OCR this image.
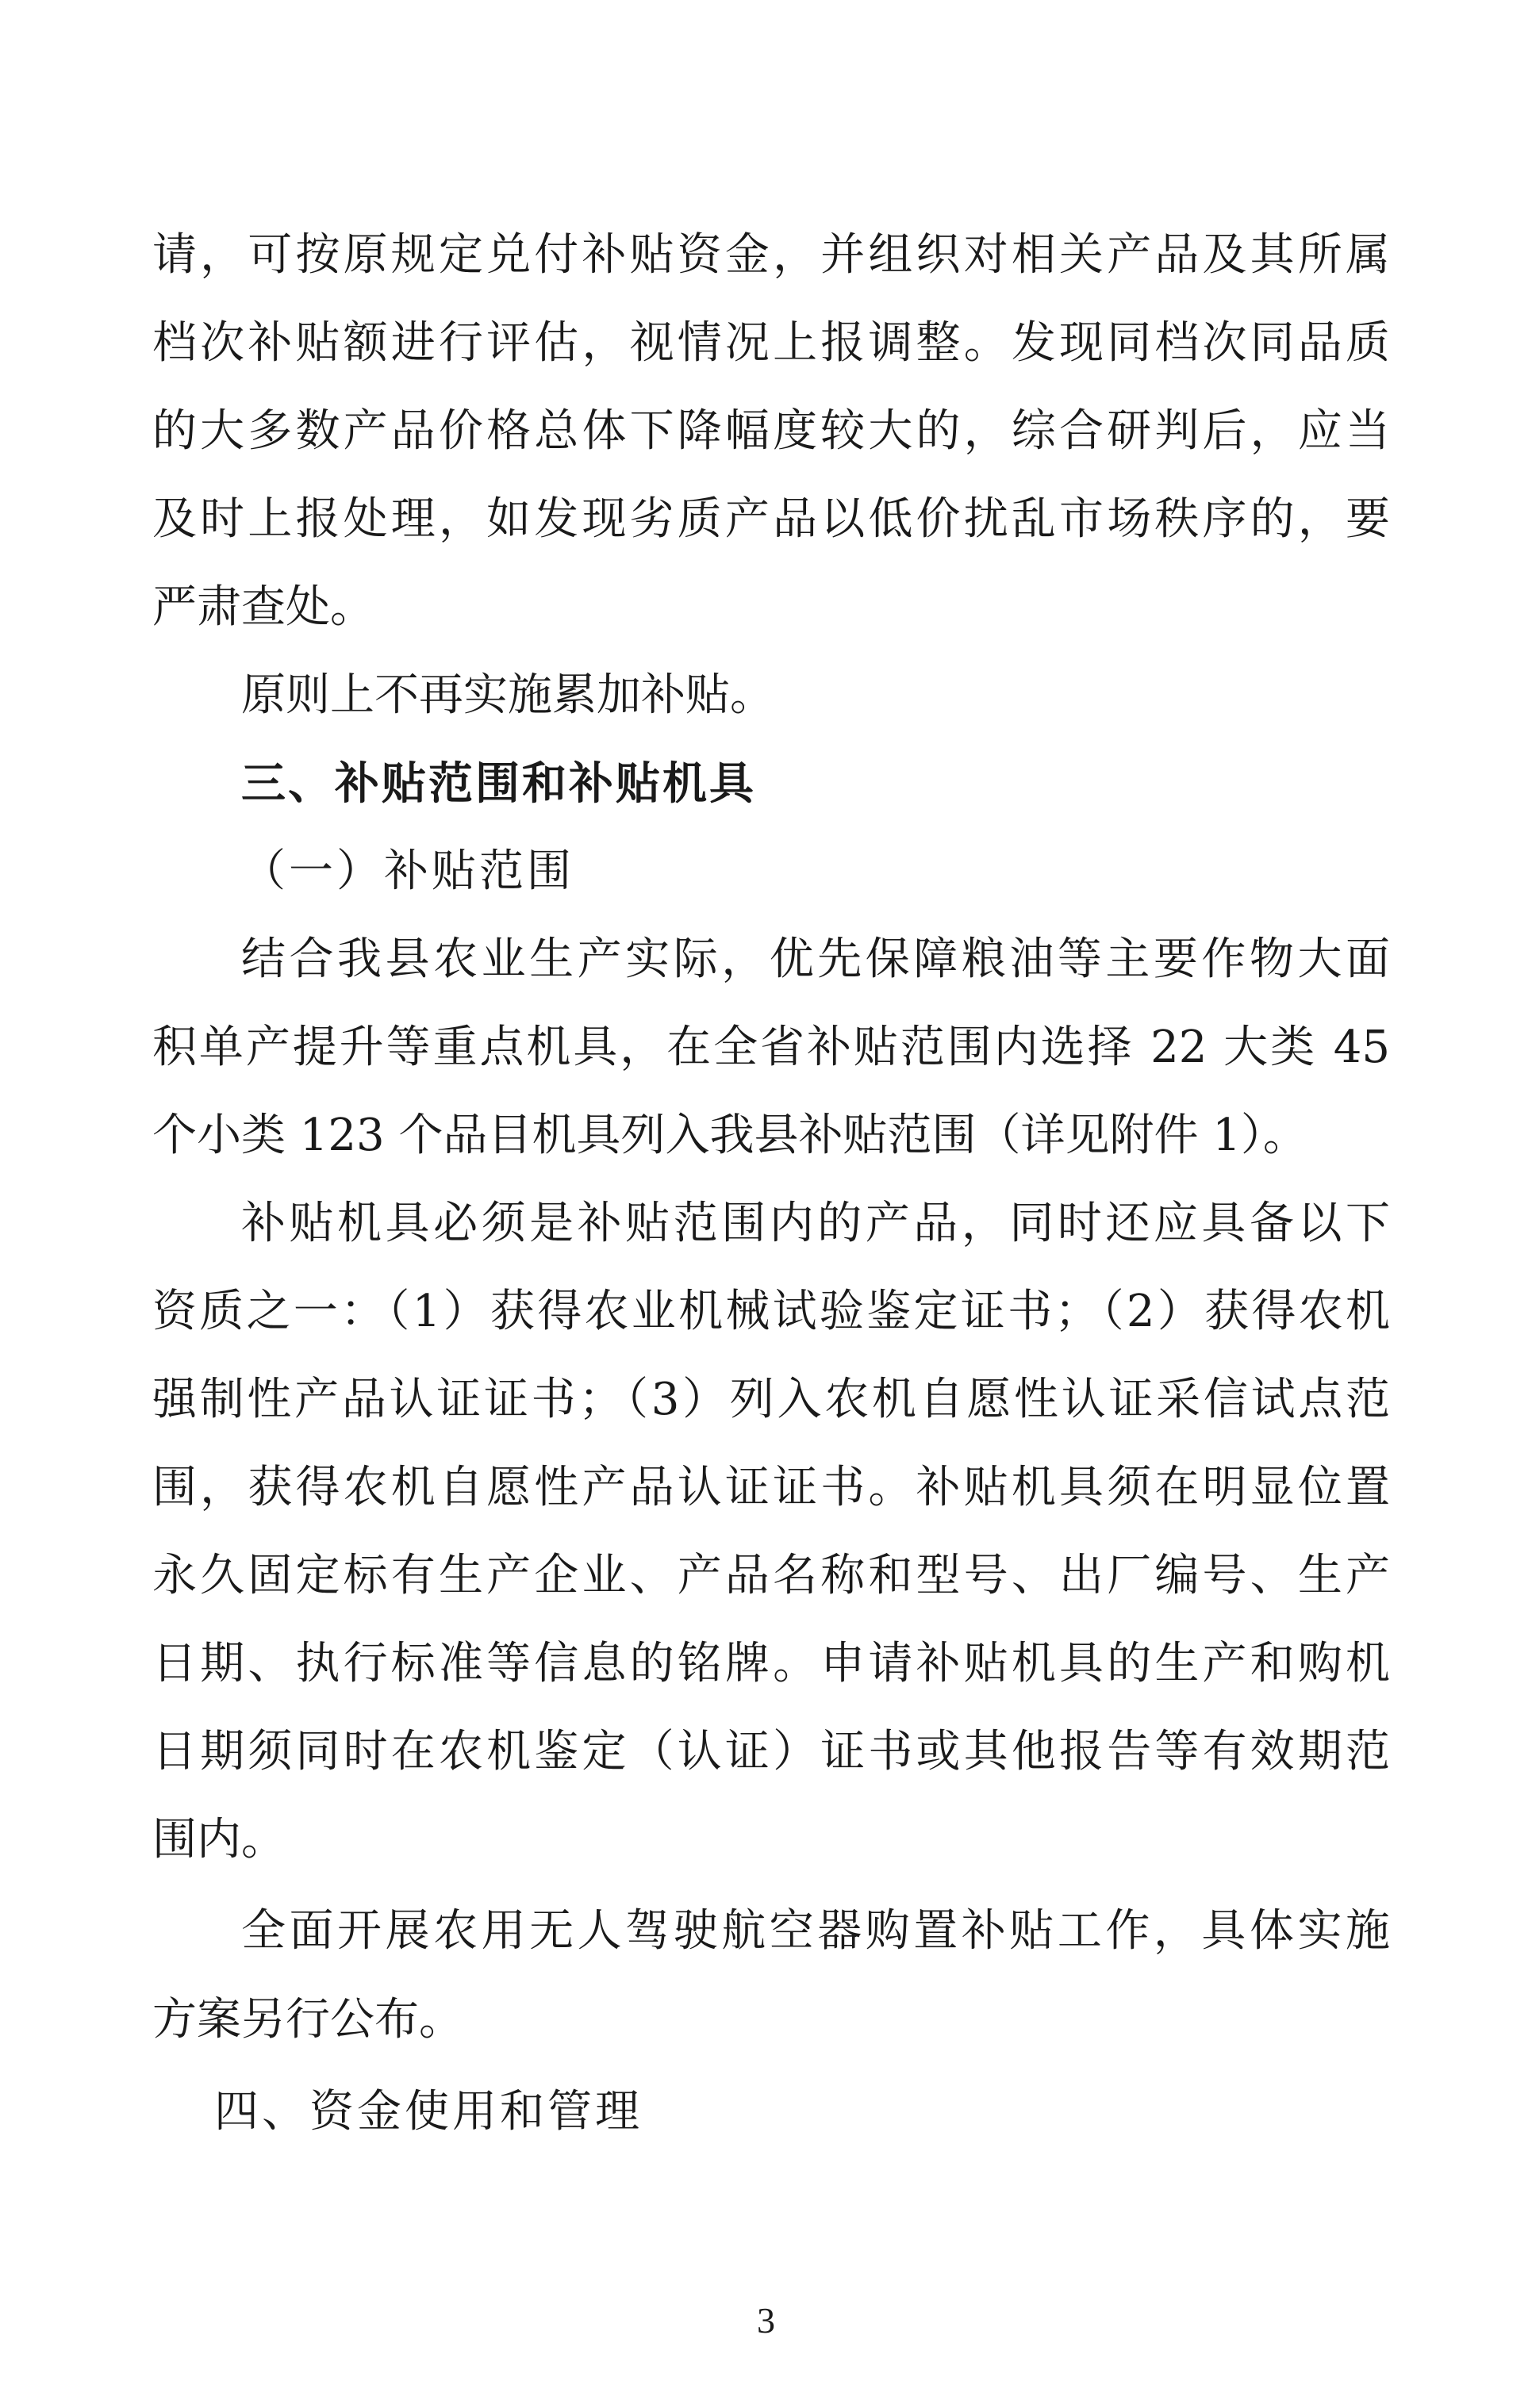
请，可按原规定兑付补贴资金，并组织对相关产品及其所属
档次补贴额进行评估，视情况上报调整。发现同档次同品质
的大多数产品价格总体下降幅度较大的，综合研判后，应当
及时上报处理，如发现劣质产品以低价扰乱市场秩序的，要
严肃查处。
原则上不再实施累加补贴。
三、补贴范围和补贴机具
（一）补贴范围
结合我县农业生产实际，优先保障粮油等主要作物大面
积单产提升等重点机具，在全省补贴范围内选择 22 大类 45
个小类 123 个品目机具列入我县补贴范围（详见附件 1）。
补贴机具必须是补贴范围内的产品，同时还应具备以下
资质之一：（1）获得农业机械试验鉴定证书；（2）获得农机
强制性产品认证证书；（3）列入农机自愿性认证采信试点范
围，获得农机自愿性产品认证证书。补贴机具须在明显位置
永久固定标有生产企业、产品名称和型号、出厂编号、生产
日期、执行标准等信息的铭牌。申请补贴机具的生产和购机
日期须同时在农机鉴定（认证）证书或其他报告等有效期范
围内。
全面开展农用无人驾驶航空器购置补贴工作，具体实施
方案另行公布。
四、资金使用和管理
3
